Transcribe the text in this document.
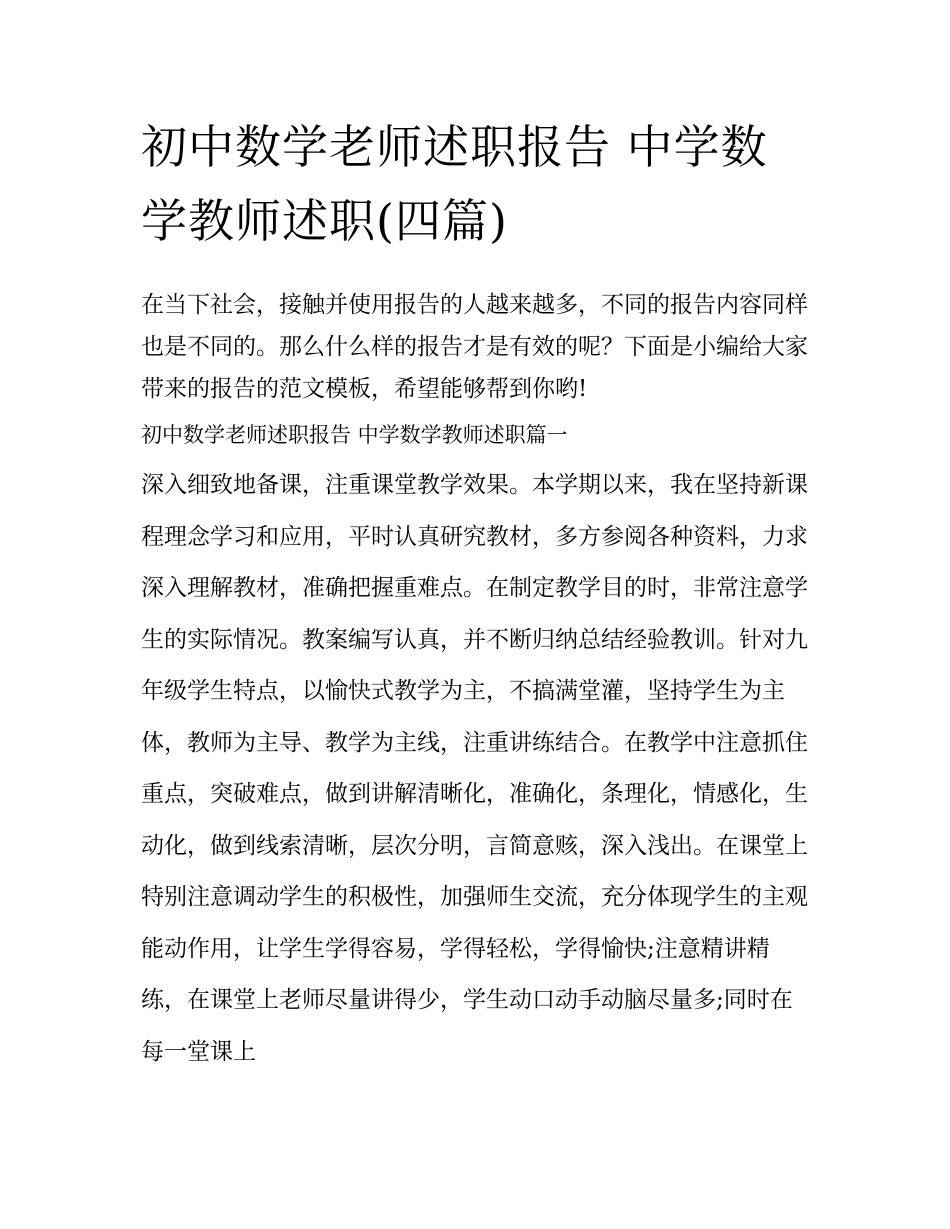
初中数学老师述职报告 中学数学教师述职(四篇)

在当下社会，接触并使用报告的人越来越多，不同的报告内容同样也是不同的。那么什么样的报告才是有效的呢？下面是小编给大家带来的报告的范文模板，希望能够帮到你哟!

初中数学老师述职报告 中学数学教师述职篇一

深入细致地备课，注重课堂教学效果。本学期以来，我在坚持新课程理念学习和应用，平时认真研究教材，多方参阅各种资料，力求深入理解教材，准确把握重难点。在制定教学目的时，非常注意学生的实际情况。教案编写认真，并不断归纳总结经验教训。针对九年级学生特点，以愉快式教学为主，不搞满堂灌，坚持学生为主体，教师为主导、教学为主线，注重讲练结合。在教学中注意抓住重点，突破难点，做到讲解清晰化，准确化，条理化，情感化，生动化，做到线索清晰，层次分明，言简意赅，深入浅出。在课堂上特别注意调动学生的积极性，加强师生交流，充分体现学生的主观能动作用，让学生学得容易，学得轻松，学得愉快;注意精讲精练，在课堂上老师尽量讲得少，学生动口动手动脑尽量多;同时在每一堂课上
